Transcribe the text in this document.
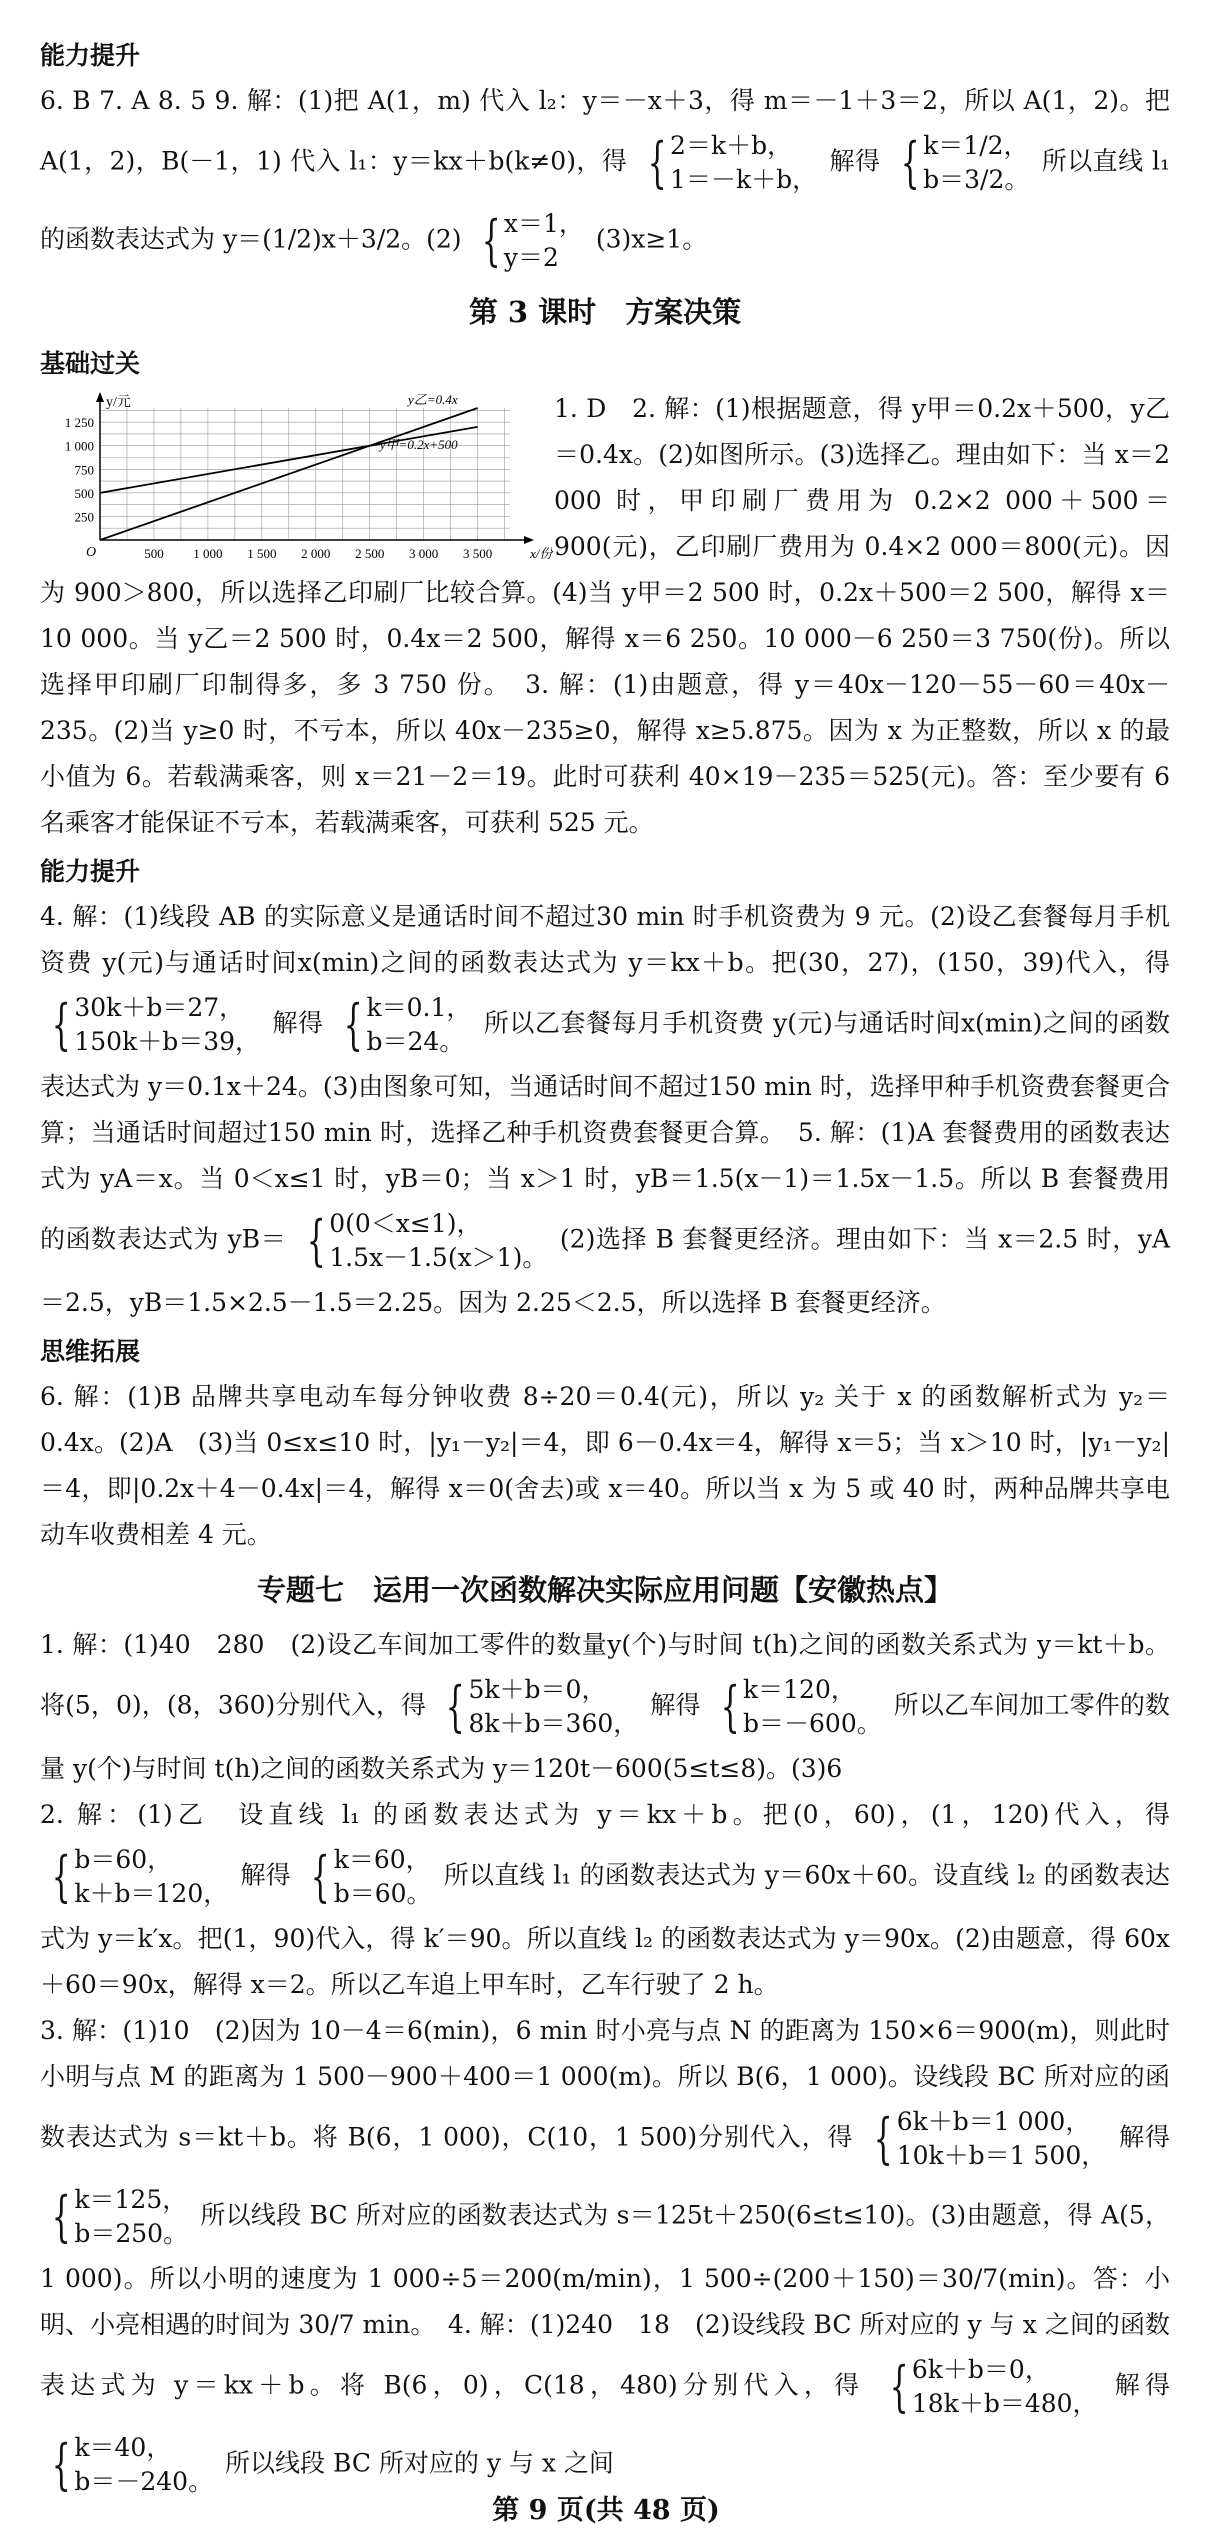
能力提升

6. B 7. A 8. 5 9. 解：(1)把 A(1，m) 代入 l₂：y＝－x＋3，得 m＝－1＋3＝2，所以 A(1，2)。把 A(1，2)，B(－1，1) 代入 l₁：y＝kx＋b(k≠0)，得 { 2＝k＋b，
1＝－k＋b，
解得 { k＝1/2，
b＝3/2。
所以直线 l₁ 的函数表达式为 y＝(1/2)x＋3/2。(2) { x＝1，
y＝2
(3)x≥1。

第 3 课时　方案决策
基础过关
500 1 000 1 500 2 000 2 500 3 000 3 500
250
500
750
1 000
1 250
x/份
y/元
O
y乙=0.4x
y甲=0.2x+500

1. D　2. 解：(1)根据题意，得 y甲＝0.2x＋500，y乙＝0.4x。(2)如图所示。(3)选择乙。理由如下：当 x＝2 000 时，甲印刷厂费用为 0.2×2 000＋500＝900(元)，乙印刷厂费用为 0.4×2 000＝800(元)。因为 900＞800，所以选择乙印刷厂比较合算。(4)当 y甲＝2 500 时，0.2x＋500＝2 500，解得 x＝10 000。当 y乙＝2 500 时，0.4x＝2 500，解得 x＝6 250。10 000－6 250＝3 750(份)。所以选择甲印刷厂印制得多，多 3 750 份。　3. 解：(1)由题意，得 y＝40x－120－55－60＝40x－235。(2)当 y≥0 时，不亏本，所以 40x－235≥0，解得 x≥5.875。因为 x 为正整数，所以 x 的最小值为 6。若载满乘客，则 x＝21－2＝19。此时可获利 40×19－235＝525(元)。答：至少要有 6 名乘客才能保证不亏本，若载满乘客，可获利 525 元。

能力提升

4. 解：(1)线段 AB 的实际意义是通话时间不超过30 min 时手机资费为 9 元。(2)设乙套餐每月手机资费 y(元)与通话时间x(min)之间的函数表达式为 y＝kx＋b。把(30，27)，(150，39)代入，得
{ 30k＋b＝27，
150k＋b＝39，
解得 { k＝0.1，
b＝24。
所以乙套餐每月手机资费 y(元)与通话时间x(min)之间的函数表达式为 y＝0.1x＋24。(3)由图象可知，当通话时间不超过150 min 时，选择甲种手机资费套餐更合算；当通话时间超过150 min 时，选择乙种手机资费套餐更合算。　5. 解：(1)A 套餐费用的函数表达式为 yA＝x。当 0＜x≤1 时，yB＝0；当 x＞1 时，yB＝1.5(x－1)＝1.5x－1.5。所以 B 套餐费用的函数表达式为 yB＝ { 0(0＜x≤1)，
1.5x－1.5(x＞1)。
(2)选择 B 套餐更经济。理由如下：当 x＝2.5 时，yA＝2.5，yB＝1.5×2.5－1.5＝2.25。因为 2.25＜2.5，所以选择 B 套餐更经济。

思维拓展

6. 解：(1)B 品牌共享电动车每分钟收费 8÷20＝0.4(元)，所以 y₂ 关于 x 的函数解析式为 y₂＝0.4x。(2)A　(3)当 0≤x≤10 时，|y₁－y₂|＝4，即 6－0.4x＝4，解得 x＝5；当 x＞10 时，|y₁－y₂|＝4，即|0.2x＋4－0.4x|＝4，解得 x＝0(舍去)或 x＝40。所以当 x 为 5 或 40 时，两种品牌共享电动车收费相差 4 元。

专题七　运用一次函数解决实际应用问题【安徽热点】

1. 解：(1)40　280　(2)设乙车间加工零件的数量y(个)与时间 t(h)之间的函数关系式为 y＝kt＋b。将(5，0)，(8，360)分别代入，得 { 5k＋b＝0，
8k＋b＝360，
解得 { k＝120，
b＝－600。
所以乙车间加工零件的数量 y(个)与时间 t(h)之间的函数关系式为 y＝120t－600(5≤t≤8)。(3)6

2. 解：(1)乙　设直线 l₁ 的函数表达式为 y＝kx＋b。把(0，60)，(1，120)代入，得
{ b＝60，
k＋b＝120，
解得 { k＝60，
b＝60。
所以直线 l₁ 的函数表达式为 y＝60x＋60。设直线 l₂ 的函数表达式为 y＝k′x。把(1，90)代入，得 k′＝90。所以直线 l₂ 的函数表达式为 y＝90x。(2)由题意，得 60x＋60＝90x，解得 x＝2。所以乙车追上甲车时，乙车行驶了 2 h。

3. 解：(1)10　(2)因为 10－4＝6(min)，6 min 时小亮与点 N 的距离为 150×6＝900(m)，则此时小明与点 M 的距离为 1 500－900＋400＝1 000(m)。所以 B(6，1 000)。设线段 BC 所对应的函数表达式为 s＝kt＋b。将 B(6，1 000)，C(10，1 500)分别代入，得 { 6k＋b＝1 000，
10k＋b＝1 500，
解得
{ k＝125，
b＝250。
所以线段 BC 所对应的函数表达式为 s＝125t＋250(6≤t≤10)。(3)由题意，得 A(5，1 000)。所以小明的速度为 1 000÷5＝200(m/min)，1 500÷(200＋150)＝30/7(min)。答：小明、小亮相遇的时间为 30/7 min。　4. 解：(1)240　18　(2)设线段 BC 所对应的 y 与 x 之间的函数表达式为 y＝kx＋b。将 B(6，0)，C(18，480)分别代入，得 { 6k＋b＝0，
18k＋b＝480，
解得
{ k＝40，
b＝－240。
所以线段 BC 所对应的 y 与 x 之间

第 9 页(共 48 页)
